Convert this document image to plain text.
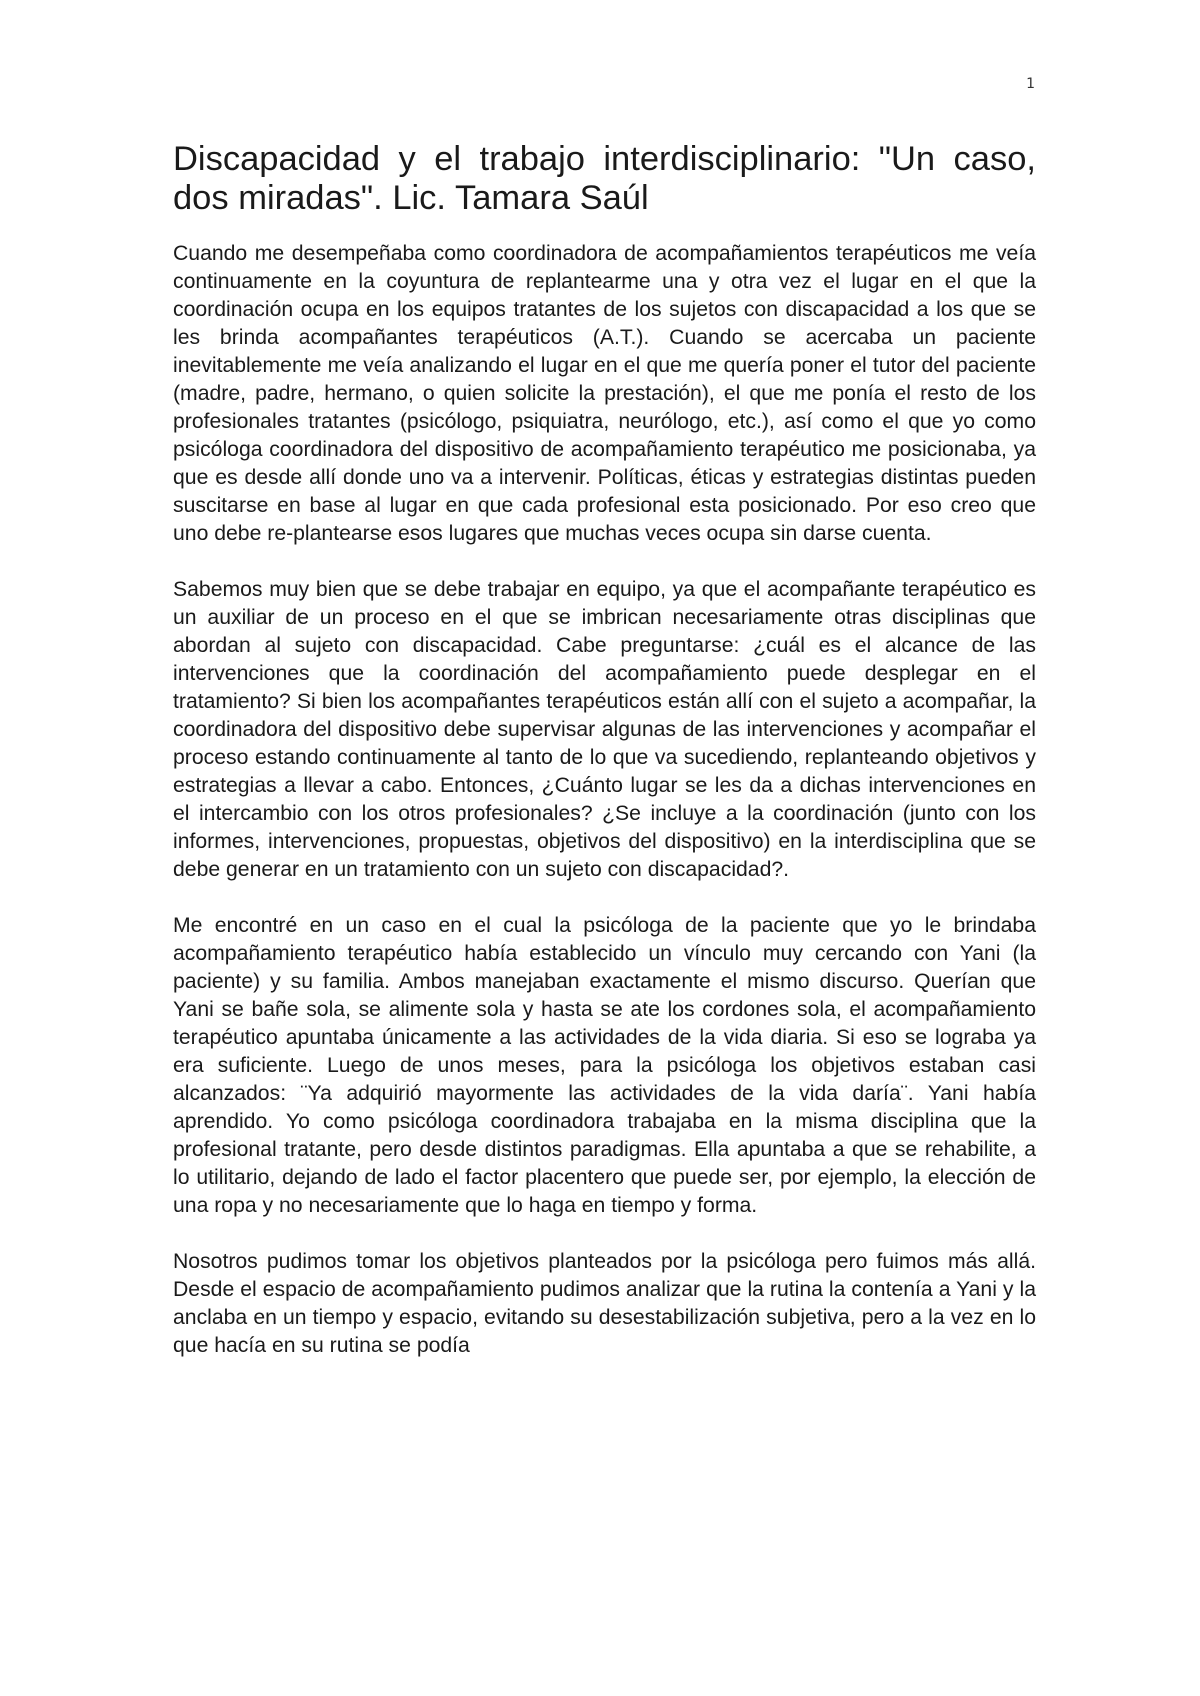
1
Discapacidad y el trabajo interdisciplinario: "Un caso, dos miradas". Lic. Tamara Saúl

Cuando me desempeñaba como coordinadora de acompañamientos terapéuticos me veía continuamente en la coyuntura de replantearme una y otra vez el lugar en el que la coordinación ocupa en los equipos tratantes de los sujetos con discapacidad a los que se les brinda acompañantes terapéuticos (A.T.). Cuando se acercaba un paciente inevitablemente me veía analizando el lugar en el que me quería poner el tutor del paciente (madre, padre, hermano, o quien solicite la prestación), el que me ponía el resto de los profesionales tratantes (psicólogo, psiquiatra, neurólogo, etc.), así como el que yo como psicóloga coordinadora del dispositivo de acompañamiento terapéutico me posicionaba, ya que es desde allí donde uno va a intervenir. Políticas, éticas y estrategias distintas pueden suscitarse en base al lugar en que cada profesional esta posicionado. Por eso creo que uno debe re-plantearse esos lugares que muchas veces ocupa sin darse cuenta.

Sabemos muy bien que se debe trabajar en equipo, ya que el acompañante terapéutico es un auxiliar de un proceso en el que se imbrican necesariamente otras disciplinas que abordan al sujeto con discapacidad. Cabe preguntarse: ¿cuál es el alcance de las intervenciones que la coordinación del acompañamiento puede desplegar en el tratamiento? Si bien los acompañantes terapéuticos están allí con el sujeto a acompañar, la coordinadora del dispositivo debe supervisar algunas de las intervenciones y acompañar el proceso estando continuamente al tanto de lo que va sucediendo, replanteando objetivos y estrategias a llevar a cabo. Entonces, ¿Cuánto lugar se les da a dichas intervenciones en el intercambio con los otros profesionales? ¿Se incluye a la coordinación (junto con los informes, intervenciones, propuestas, objetivos del dispositivo) en la interdisciplina que se debe generar en un tratamiento con un sujeto con discapacidad?.

Me encontré en un caso en el cual la psicóloga de la paciente que yo le brindaba acompañamiento terapéutico había establecido un vínculo muy cercando con Yani (la paciente) y su familia. Ambos manejaban exactamente el mismo discurso. Querían que Yani se bañe sola, se alimente sola y hasta se ate los cordones sola, el acompañamiento terapéutico apuntaba únicamente a las actividades de la vida diaria. Si eso se lograba ya era suficiente. Luego de unos meses, para la psicóloga los objetivos estaban casi alcanzados: ¨Ya adquirió mayormente las actividades de la vida daría¨. Yani había aprendido. Yo como psicóloga coordinadora trabajaba en la misma disciplina que la profesional tratante, pero desde distintos paradigmas. Ella apuntaba a que se rehabilite, a lo utilitario, dejando de lado el factor placentero que puede ser, por ejemplo, la elección de una ropa y no necesariamente que lo haga en tiempo y forma.

Nosotros pudimos tomar los objetivos planteados por la psicóloga pero fuimos más allá. Desde el espacio de acompañamiento pudimos analizar que la rutina la contenía a Yani y la anclaba en un tiempo y espacio, evitando su desestabilización subjetiva, pero a la vez en lo que hacía en su rutina se podía
